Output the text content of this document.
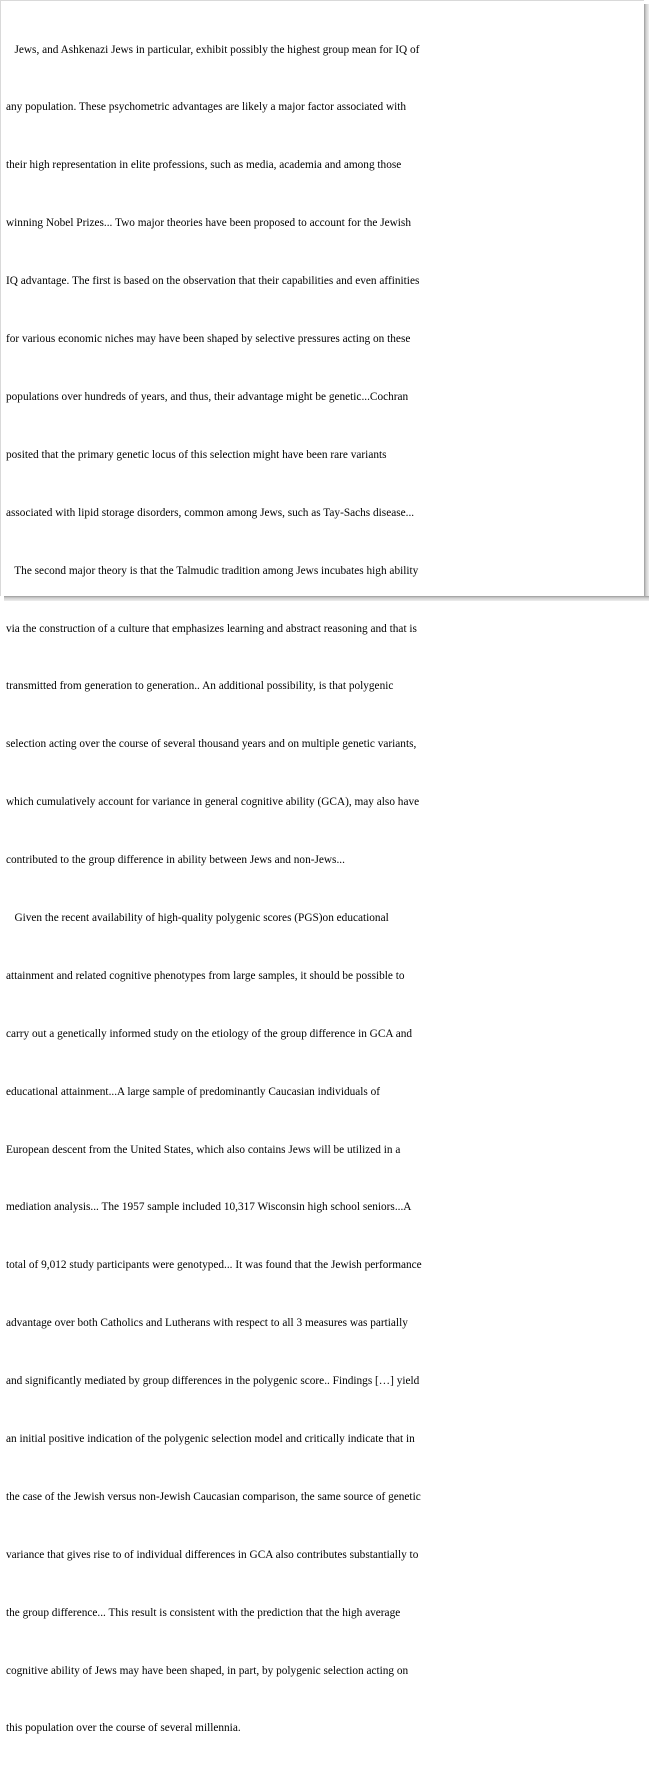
Jews, and Ashkenazi Jews in particular, exhibit possibly the highest group mean for IQ of

any population. These psychometric advantages are likely a major factor associated with

their high representation in elite professions, such as media, academia and among those

winning Nobel Prizes... Two major theories have been proposed to account for the Jewish

IQ advantage. The first is based on the observation that their capabilities and even affinities

for various economic niches may have been shaped by selective pressures acting on these

populations over hundreds of years, and thus, their advantage might be genetic...Cochran

posited that the primary genetic locus of this selection might have been rare variants

associated with lipid storage disorders, common among Jews, such as Tay-Sachs disease...

The second major theory is that the Talmudic tradition among Jews incubates high ability

via the construction of a culture that emphasizes learning and abstract reasoning and that is

transmitted from generation to generation.. An additional possibility, is that polygenic

selection acting over the course of several thousand years and on multiple genetic variants,

which cumulatively account for variance in general cognitive ability (GCA), may also have

contributed to the group difference in ability between Jews and non-Jews...

Given the recent availability of high-quality polygenic scores (PGS)on educational

attainment and related cognitive phenotypes from large samples, it should be possible to

carry out a genetically informed study on the etiology of the group difference in GCA and

educational attainment...A large sample of predominantly Caucasian individuals of

European descent from the United States, which also contains Jews will be utilized in a

mediation analysis... The 1957 sample included 10,317 Wisconsin high school seniors...A

total of 9,012 study participants were genotyped... It was found that the Jewish performance

advantage over both Catholics and Lutherans with respect to all 3 measures was partially

and significantly mediated by group differences in the polygenic score.. Findings […] yield

an initial positive indication of the polygenic selection model and critically indicate that in

the case of the Jewish versus non-Jewish Caucasian comparison, the same source of genetic

variance that gives rise to of individual differences in GCA also contributes substantially to

the group difference... This result is consistent with the prediction that the high average

cognitive ability of Jews may have been shaped, in part, by polygenic selection acting on

this population over the course of several millennia.
